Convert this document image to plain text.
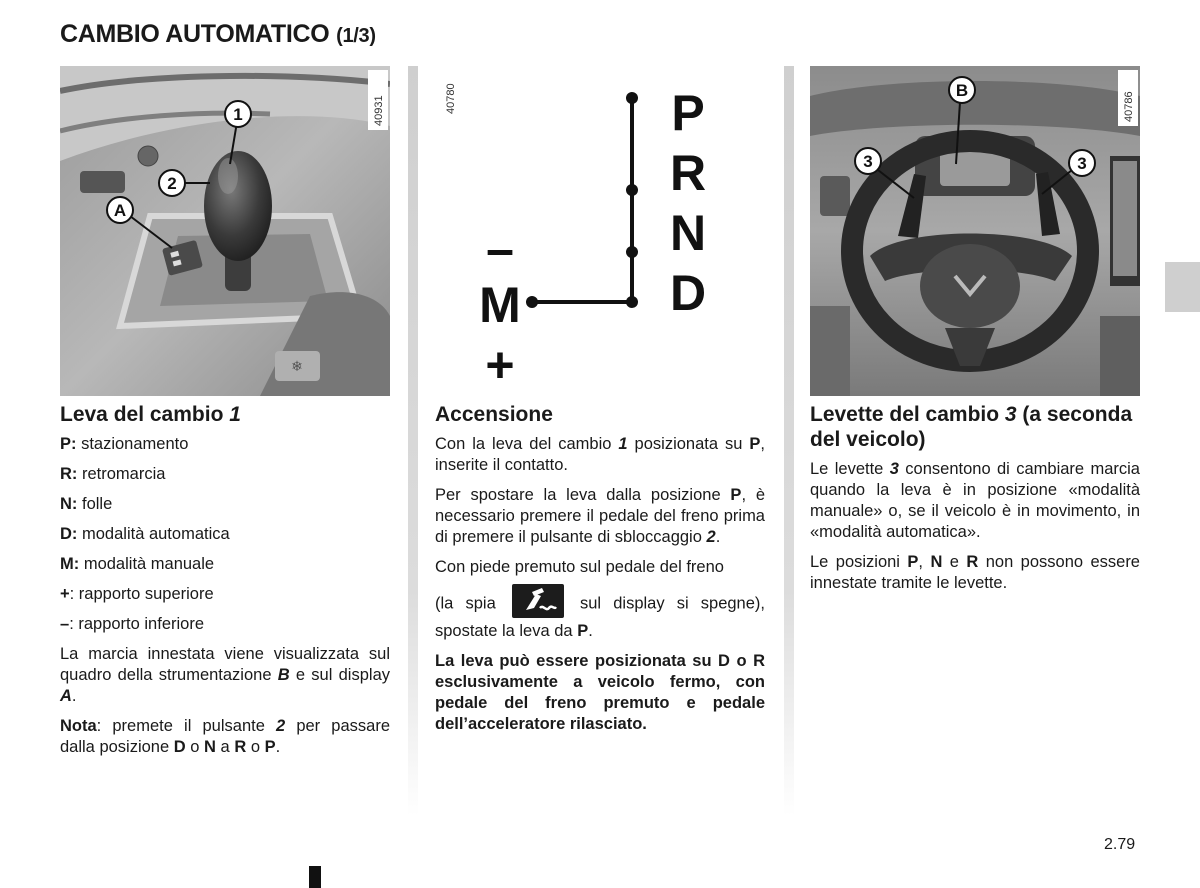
CAMBIO AUTOMATICO (1/3)
❄
40931
1
2
A
40780	P
R
N
D
–
M
+
40786
B
3	3
Leva del cambio 1

P: stazionamento

R: retromarcia

N: folle

D: modalità automatica

M: modalità manuale

+: rapporto superiore

–: rapporto inferiore

La marcia innestata viene visualizzata sul quadro della strumentazione B e sul display A.

Nota: premete il pulsante 2 per passare dalla posizione D o N a R o P.

Accensione

Con la leva del cambio 1 posizionata su P, inserite il contatto.

Per spostare la leva dalla posizione P, è necessario premere il pedale del freno prima di premere il pulsante di sbloccaggio 2.

Con piede premuto sul pedale del freno

(la spia	sul display si spegne), spostate la leva da P.

La leva può essere posizionata su D o R esclusivamente a veicolo fermo, con pedale del freno premuto e pedale dell’acceleratore rilasciato.

Levette del cambio 3 (a seconda del veicolo)

Le levette 3 consentono di cambiare marcia quando la leva è in posizione «modalità manuale» o, se il veicolo è in movimento, in «modalità automatica».

Le posizioni P, N e R non possono essere innestate tramite le levette.

2.79
